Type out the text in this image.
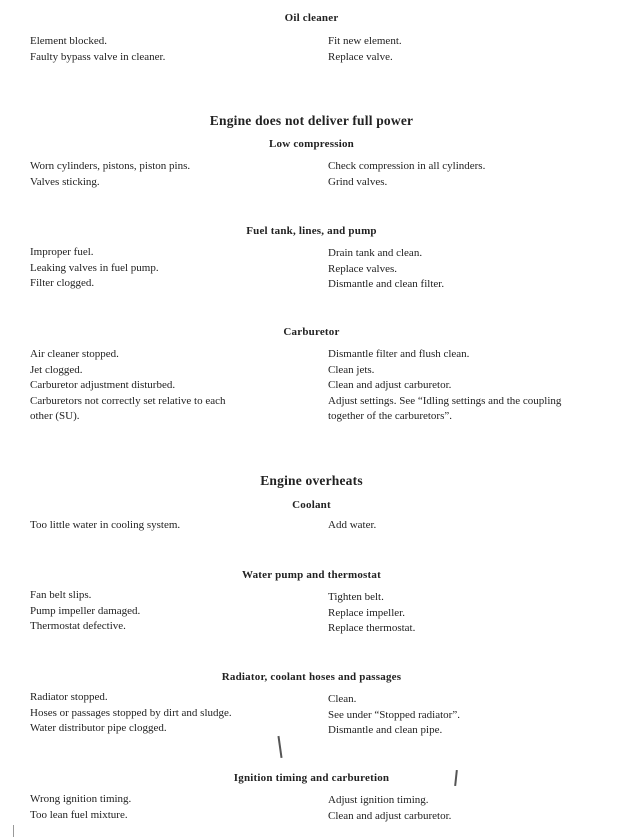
Oil cleaner
Element blocked.
Faulty bypass valve in cleaner.
Fit new element.
Replace valve.
Engine does not deliver full power
Low compression
Worn cylinders, pistons, piston pins.
Valves sticking.
Check compression in all cylinders.
Grind valves.
Fuel tank, lines, and pump
Improper fuel.
Leaking valves in fuel pump.
Filter clogged.
Drain tank and clean.
Replace valves.
Dismantle and clean filter.
Carburetor
Air cleaner stopped.
Jet clogged.
Carburetor adjustment disturbed.
Carburetors not correctly set relative to each
other (SU).
Dismantle filter and flush clean.
Clean jets.
Clean and adjust carburetor.
Adjust settings. See “Idling settings and the coupling
together of the carburetors”.
Engine overheats
Coolant
Too little water in cooling system.	Add water.
Water pump and thermostat
Fan belt slips.
Pump impeller damaged.
Thermostat defective.
Tighten belt.
Replace impeller.
Replace thermostat.
Radiator, coolant hoses and passages
Radiator stopped.
Hoses or passages stopped by dirt and sludge.
Water distributor pipe clogged.
Clean.
See under “Stopped radiator”.
Dismantle and clean pipe.
Ignition timing and carburetion
Wrong ignition timing.
Too lean fuel mixture.
Adjust ignition timing.
Clean and adjust carburetor.
